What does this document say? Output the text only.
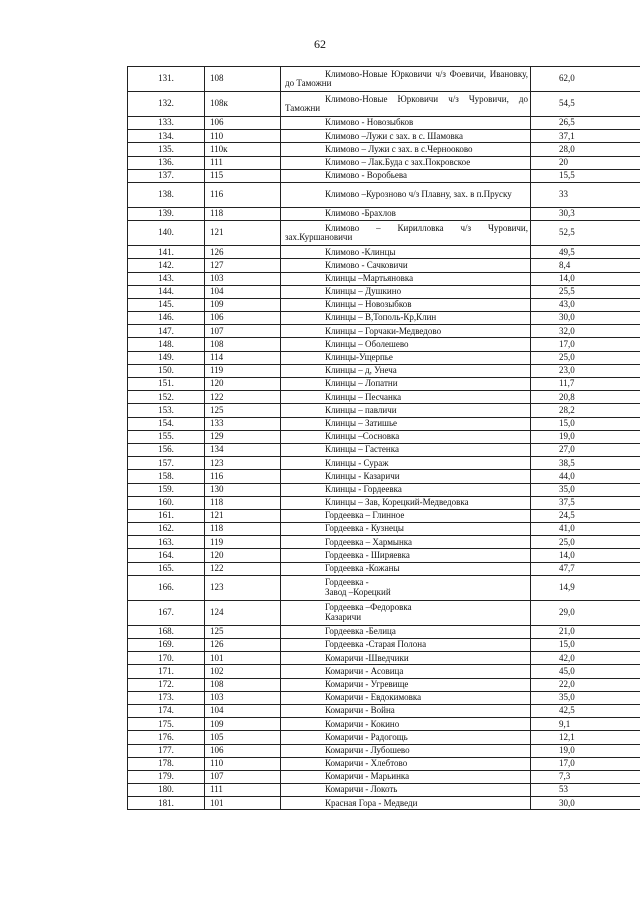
62
131.	108	Климово-Новые Юрковичи ч/з Фоевичи, Ивановку, до Таможни	62,0
132.	108к	Климово-Новые Юрковичи ч/з Чуровичи, до Таможни	54,5
133.	106	Климово - Новозыбков	26,5
134.	110	Климово –Лужи с зах. в с. Шамовка	37,1
135.	110к	Климово – Лужи с зах. в с.Чернооково	28,0
136.	111	Климово – Лак.Буда с зах.Покровское	20
137.	115	Климово - Воробьева	15,5
138.	116	Климово –Курозново ч/з Плавну, зах. в п.Пруску	33
139.	118	Климово -Брахлов	30,3
140.	121	Климово – Кирилловка ч/з Чуровичи, зах.Куршановичи	52,5
141.	126	Климово -Клинцы	49,5
142.	127	Климово - Сачковичи	8,4
143.	103	Клинцы –Мартьяновка	14,0
144.	104	Клинцы – Душкино	25,5
145.	109	Клинцы – Новозыбков	43,0
146.	106	Клинцы – В,Тополь-Кр,Клин	30,0
147.	107	Клинцы – Горчаки-Медведово	32,0
148.	108	Клинцы – Оболешево	17,0
149.	114	Клинцы-Ущерпье	25,0
150.	119	Клинцы – д, Унеча	23,0
151.	120	Клинцы – Лопатни	11,7
152.	122	Клинцы – Песчанка	20,8
153.	125	Клинцы – павличи	28,2
154.	133	Клинцы – Затишье	15,0
155.	129	Клинцы –Сосновка	19,0
156.	134	Клинцы – Гастенка	27,0
157.	123	Клинцы - Сураж	38,5
158.	116	Клинцы - Казаричи	44,0
159.	130	Клинцы - Гордеевка	35,0
160.	118	Клинцы – Зав, Корецкий-Медведовка	37,5
161.	121	Гордеевка – Глинное	24,5
162.	118	Гордеевка - Кузнецы	41,0
163.	119	Гордеевка – Хармынка	25,0
164.	120	Гордеевка - Ширяевка	14,0
165.	122	Гордеевка -Кожаны	47,7
166.	123	Гордеевка -
Завод –Корецкий	14,9
167.	124	Гордеевка –Федоровка
Казаричи	29,0
168.	125	Гордеевка -Белица	21,0
169.	126	Гордеевка -Старая Полона	15,0
170.	101	Комаричи -Шведчики	42,0
171.	102	Комаричи - Асовица	45,0
172.	108	Комаричи - Угревище	22,0
173.	103	Комаричи - Евдокимовка	35,0
174.	104	Комаричи - Война	42,5
175.	109	Комаричи - Кокино	9,1
176.	105	Комаричи - Радогощь	12,1
177.	106	Комаричи - Лубошево	19,0
178.	110	Комаричи - Хлебтово	17,0
179.	107	Комаричи - Марьинка	7,3
180.	111	Комаричи - Локоть	53
181.	101	Красная Гора - Медведи	30,0
